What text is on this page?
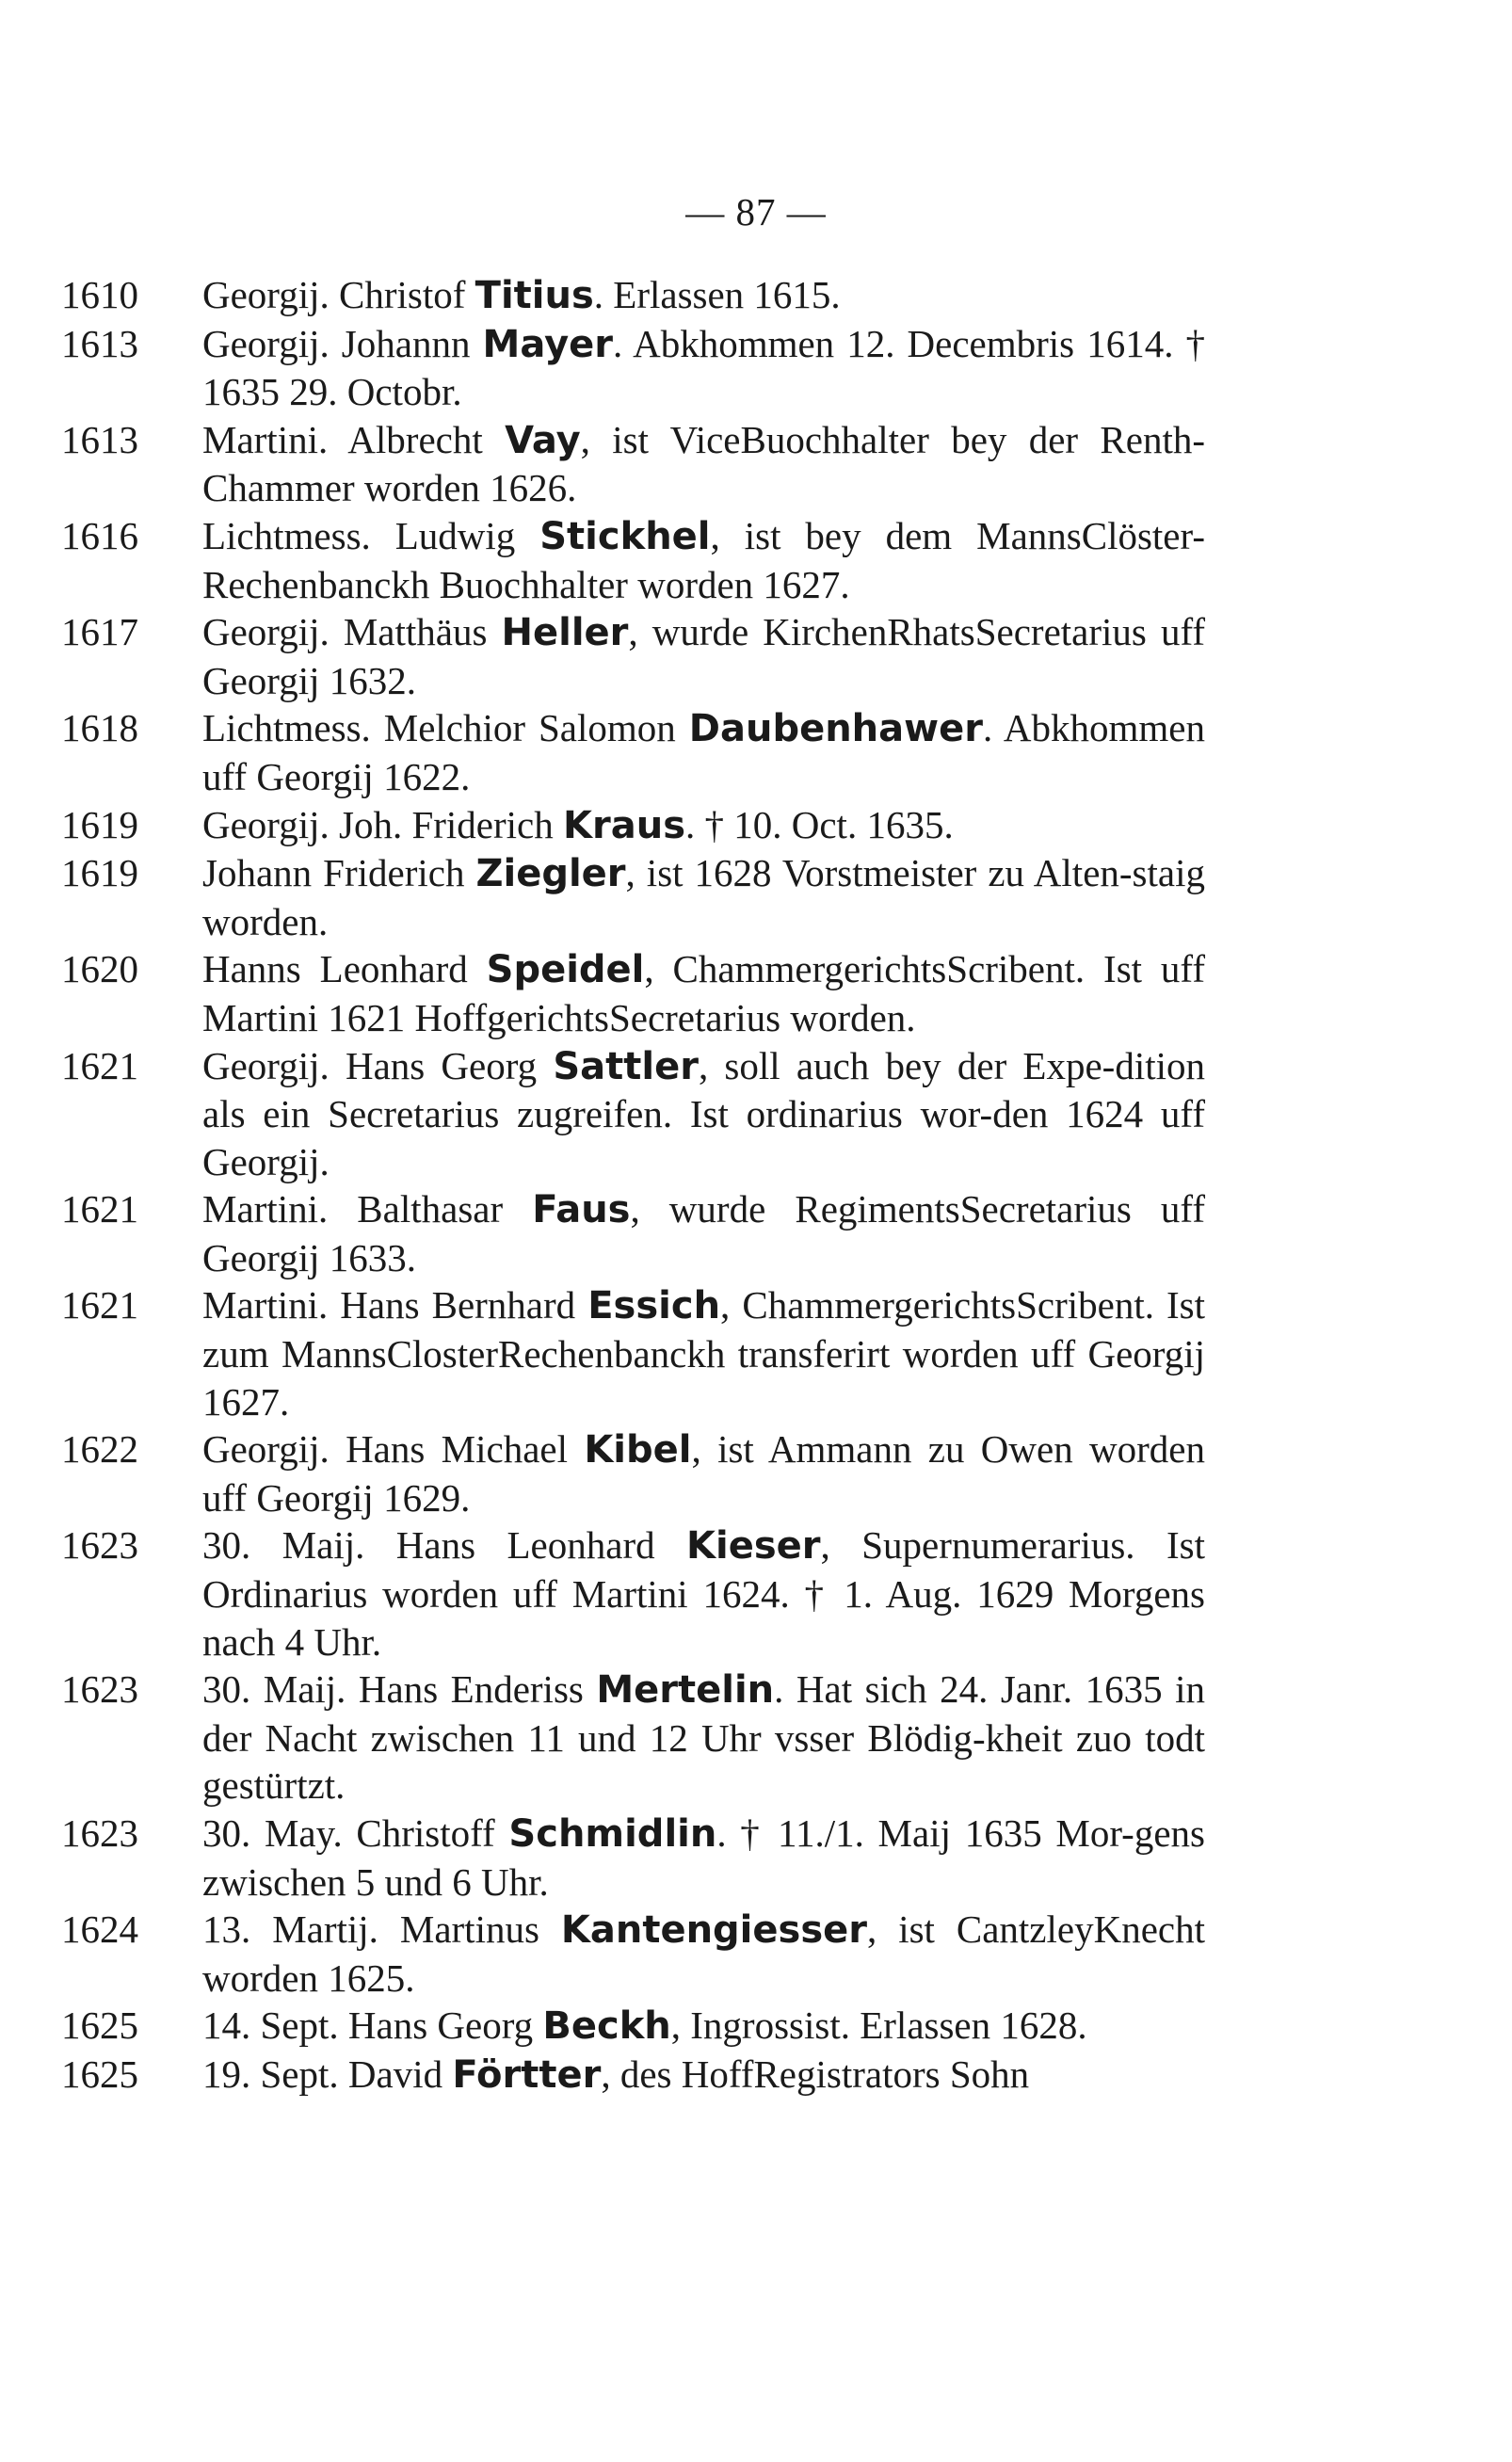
— 87 —
1610 Georgij. Christof Titius. Erlassen 1615.
1613 Georgij. Johannn Mayer. Abkhommen 12. Decembris 1614. † 1635 29. Octobr.
1613 Martini. Albrecht Vay, ist ViceBuochhalter bey der Renth-Chammer worden 1626.
1616 Lichtmess. Ludwig Stickhel, ist bey dem MannsClöster-Rechenbanckh Buochhalter worden 1627.
1617 Georgij. Matthäus Heller, wurde KirchenRhatsSecretarius uff Georgij 1632.
1618 Lichtmess. Melchior Salomon Daubenhawer. Abkhommen uff Georgij 1622.
1619 Georgij. Joh. Friderich Kraus. † 10. Oct. 1635.
1619 Johann Friderich Ziegler, ist 1628 Vorstmeister zu Alten-staig worden.
1620 Hanns Leonhard Speidel, ChammergerichtsScribent. Ist uff Martini 1621 HoffgerichtsSecretarius worden.
1621 Georgij. Hans Georg Sattler, soll auch bey der Expe-dition als ein Secretarius zugreifen. Ist ordinarius wor-den 1624 uff Georgij.
1621 Martini. Balthasar Faus, wurde RegimentsSecretarius uff Georgij 1633.
1621 Martini. Hans Bernhard Essich, ChammergerichtsScribent. Ist zum MannsClosterRechenbanckh transferirt worden uff Georgij 1627.
1622 Georgij. Hans Michael Kibel, ist Ammann zu Owen worden uff Georgij 1629.
1623 30. Maij. Hans Leonhard Kieser, Supernumerarius. Ist Ordinarius worden uff Martini 1624. † 1. Aug. 1629 Morgens nach 4 Uhr.
1623 30. Maij. Hans Enderiss Mertelin. Hat sich 24. Janr. 1635 in der Nacht zwischen 11 und 12 Uhr vsser Blödig-kheit zuo todt gestürtzt.
1623 30. May. Christoff Schmidlin. † 11./1. Maij 1635 Mor-gens zwischen 5 und 6 Uhr.
1624 13. Martij. Martinus Kantengiesser, ist CantzleyKnecht worden 1625.
1625 14. Sept. Hans Georg Beckh, Ingrossist. Erlassen 1628.
1625 19. Sept. David Förtter, des HoffRegistrators Sohn
